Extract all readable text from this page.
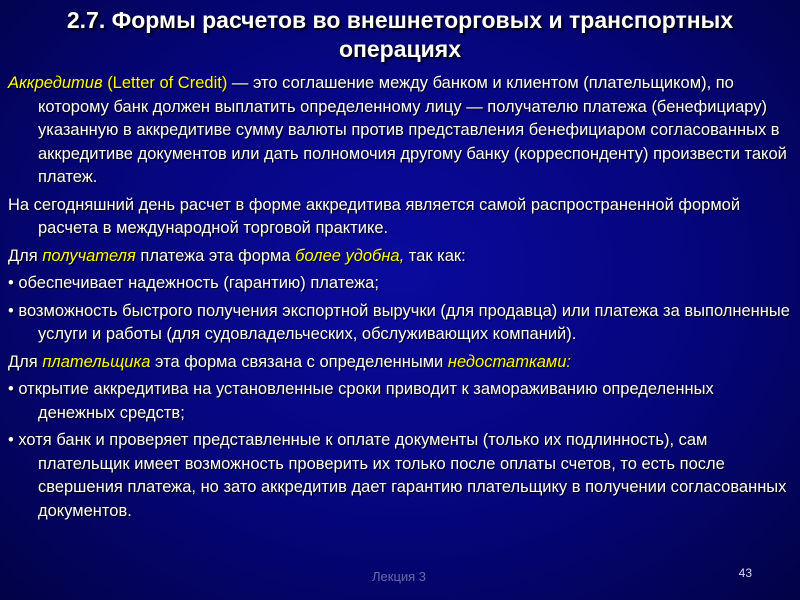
2.7. Формы расчетов во внешнеторговых и транспортных
операциях

Аккредитив (Letter of Credit) — это соглашение между банком и клиентом (плательщиком), по которому банк должен выплатить определенному лицу — получателю платежа (бенефициару) указанную в аккредитиве сумму валюты против представления бенефициаром согласованных в аккредитиве документов или дать полномочия другому банку (корреспонденту) произвести такой платеж.

На сегодняшний день расчет в форме аккредитива является самой распространенной формой расчета в международной торговой практике.

Для получателя платежа эта форма более удобна, так как:

• обеспечивает надежность (гарантию) платежа;

• возможность быстрого получения экспортной выручки (для продавца) или платежа за выполненные услуги и работы (для судовладельческих, обслуживающих компаний).

Для плательщика эта форма связана с определенными недостатками:

• открытие аккредитива на установленные сроки приводит к замораживанию определенных денежных средств;

• хотя банк и проверяет представленные к оплате документы (только их подлинность), сам плательщик имеет возможность проверить их только после оплаты счетов, то есть после свершения платежа, но зато аккредитив дает гарантию плательщику в получении согласованных документов.

Лекция 3	43
